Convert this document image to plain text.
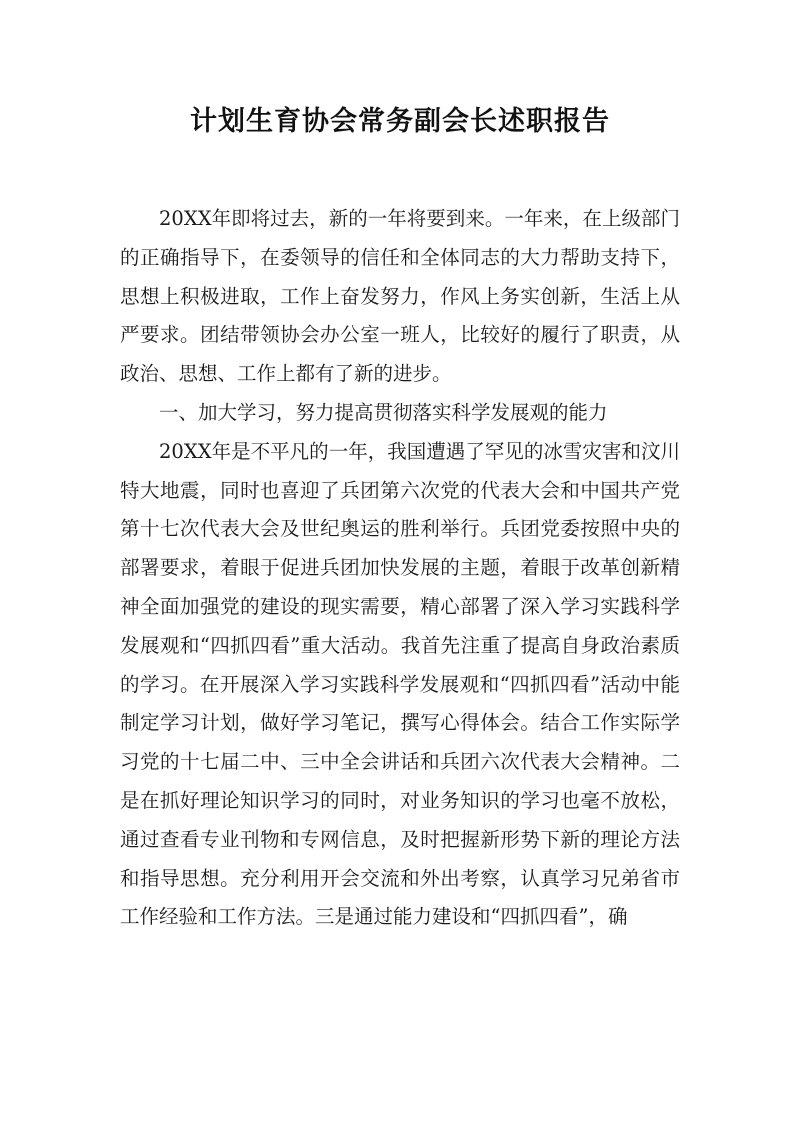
计划生育协会常务副会长述职报告

20XX年即将过去，新的一年将要到来。一年来，在上级部门的正确指导下，在委领导的信任和全体同志的大力帮助支持下，思想上积极进取，工作上奋发努力，作风上务实创新，生活上从严要求。团结带领协会办公室一班人，比较好的履行了职责，从政治、思想、工作上都有了新的进步。

一、加大学习，努力提高贯彻落实科学发展观的能力

20XX年是不平凡的一年，我国遭遇了罕见的冰雪灾害和汶川特大地震，同时也喜迎了兵团第六次党的代表大会和中国共产党第十七次代表大会及世纪奥运的胜利举行。兵团党委按照中央的部署要求，着眼于促进兵团加快发展的主题，着眼于改革创新精神全面加强党的建设的现实需要，精心部署了深入学习实践科学发展观和“四抓四看”重大活动。我首先注重了提高自身政治素质的学习。在开展深入学习实践科学发展观和“四抓四看”活动中能制定学习计划，做好学习笔记，撰写心得体会。结合工作实际学习党的十七届二中、三中全会讲话和兵团六次代表大会精神。二是在抓好理论知识学习的同时，对业务知识的学习也毫不放松，通过查看专业刊物和专网信息，及时把握新形势下新的理论方法和指导思想。充分利用开会交流和外出考察，认真学习兄弟省市工作经验和工作方法。三是通过能力建设和“四抓四看”，确
